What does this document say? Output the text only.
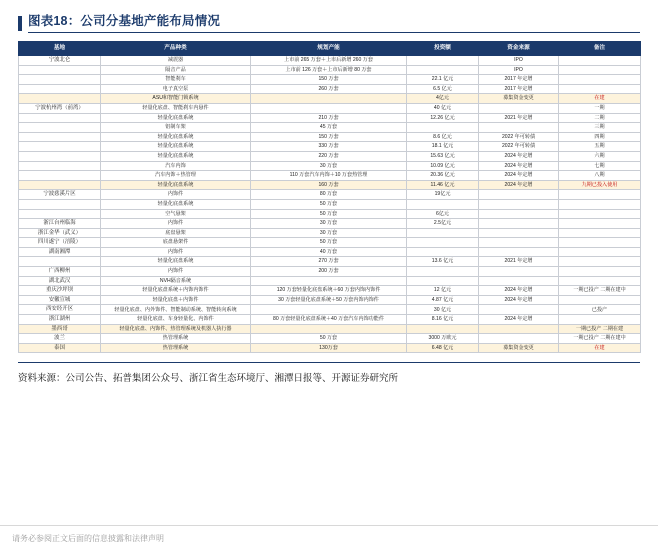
图表18：公司分基地产能布局情况
基地	产品种类	规划产能	投资额	资金来源	备注
宁波北仑	减震器	上市前 265 万套＋上市后新增 260 万套		IPO	
	隔音产品	上市前 126 万套＋上市后新增 80 万套		IPO	
	智能刹车	150 万套	22.1 亿元	2017 年定增	
	电子真空泵	260 万套	6.5 亿元	2017 年定增	
	ASU和智能门锁系统		4亿元	募集资金变更	在建
宁波杭州湾（前湾）	轻量化底盘、智能刹车内悬件		40 亿元		一期
	轻量化底盘系统	210 万套	12.26 亿元	2021 年定增	二期
	铝制车架	45 万套			三期
	轻量化底盘系统	150 万套	8.6 亿元	2022 年可转债	四期
	轻量化底盘系统	330 万套	18.1 亿元	2022 年可转债	五期
	轻量化底盘系统	220 万套	15.63 亿元	2024 年定增	六期
	汽车内饰	30 万套	10.09 亿元	2024 年定增	七期
	汽车内饰＋热管理	110 万套汽车内饰＋10 万套热管理	20.36 亿元	2024 年定增	八期
	轻量化底盘系统	160 万套	11.46 亿元	2024 年定增	九期已投入使用
宁波慈溪片区	内饰件	80 万套	19亿元		
	轻量化底盘系统	50 万套			
	空气悬架	50 万套	6亿元		
浙江台州临海	内饰件	30 万套	2.5亿元		
浙江金华（武义）	底盘悬架	30 万套			
四川遂宁（涪陵）	底盘悬架件	50 万套			
湖南湘潭	内饰件	40 万套			
	轻量化底盘系统	270 万套	13.6 亿元	2021 年定增	
广西柳州	内饰件	200 万套			
湖北武汉	NVH隔音系统				
重庆沙坪坝	轻量化底盘系统＋内饰内饰件	120 万套轻量化底盘系统＋60 万套内饰内饰件	12 亿元	2024 年定增	一期已投产 二期在建中
安徽宣城	轻量化底盘＋内饰件	30 万套轻量化底盘系统＋50 万套内饰内饰件	4.87 亿元	2024 年定增	
西安经开区	轻量化底盘、内外饰件、智能制动系统、智能转向系统		30 亿元		已投产
浙江湖州	轻量化底盘、车身轻量化、内饰件	80 万套轻量化底盘系统＋40 万套汽车内饰功能件	8.16 亿元	2024 年定增	
墨西哥	轻量化底盘、内饰件、热管理系统及机器人执行器				一期已投产 二期在建
波兰	热管理系统	50 万套	3000 万欧元		一期已投产 二期在建中
泰国	热管理系统	130万套	6.48 亿元	募集资金变更	在建
资料来源：公司公告、拓普集团公众号、浙江省生态环境厅、湘潭日报等、开源证券研究所
请务必参阅正文后面的信息披露和法律声明
